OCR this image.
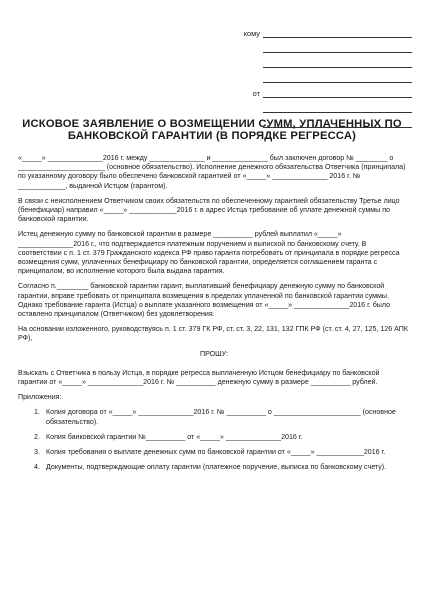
кому
от
ИСКОВОЕ ЗАЯВЛЕНИЕ О ВОЗМЕЩЕНИИ СУММ, УПЛАЧЕННЫХ ПО БАНКОВСКОЙ ГАРАНТИИ (В ПОРЯДКЕ РЕГРЕССА)

«_____» ______________2016 г. между ______________ и ______________ был заключен договор № ________ о ______________________ (основное обязательство). Исполнение денежного обязательства Ответчика (принципала) по указанному договору было обеспечено банковской гарантией от «_____» ______________ 2016 г. № ____________, выданной Истцом (гарантом).

В связи с неисполнением Ответчиком своих обязательств по обеспеченному гарантией обязательству Третье лицо (бенефициар) направил «_____» ____________2016 г. в адрес Истца требование об уплате денежной суммы по банковской гарантии.

Истец денежную сумму по банковской гарантии в размере __________ рублей выплатил «_____» ______________2016 г., что подтверждается платежным поручением и выпиской по банковскому счету. В соответствии с п. 1 ст. 379 Гражданского кодекса РФ право гаранта потребовать от принципала в порядке регресса возмещения сумм, уплаченных бенефициару по банковской гарантии, определяется соглашением гаранта с принципалом, во исполнение которого была выдана гарантия.

Согласно п.________ банковской гарантии гарант, выплативший бенефициару денежную сумму по банковской гарантии, вправе требовать от принципала возмещения в пределах уплаченной по банковской гарантии суммы. Однако требование гаранта (Истца) о выплате указанного возмещения от «_____» ______________2016 г. было оставлено принципалом (Ответчиком) без удовлетворения.

На основании изложенного, руководствуясь п. 1 ст. 379 ГК РФ, ст. ст. 3, 22, 131, 132 ГПК РФ (ст. ст. 4, 27, 125, 126 АПК РФ),

ПРОШУ:

Взыскать с Ответчика в пользу Истца, в порядке регресса выплаченную Истцом бенефициару по банковской гарантии от «_____» ______________2016 г. № __________ денежную сумму в размере __________ рублей.

Приложения:

1. Копия договора от «_____» ______________2016 г. № __________ о ______________________ (основное обязательство).
2. Копия банковской гарантии №__________ от «_____» ______________2016 г.
3. Копия требования о выплате денежных сумм по банковской гарантии от «_____» ____________2016 г.
4. Документы, подтверждающие оплату гарантии (платежное поручение, выписка по банковскому счету).
